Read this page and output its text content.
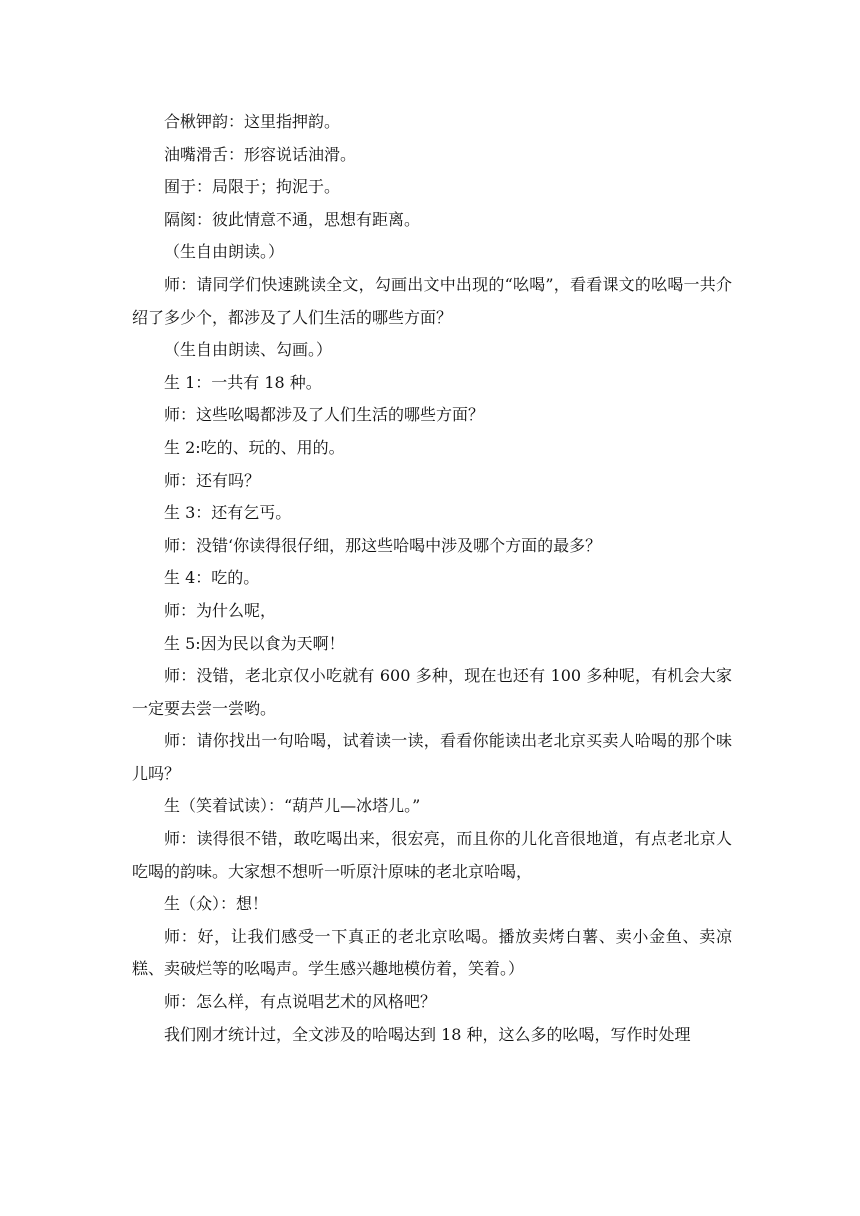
合楸钾韵：这里指押韵。

油嘴滑舌：形容说话油滑。

囿于：局限于；拘泥于。

隔阂：彼此情意不通，思想有距离。

（生自由朗读。）

师：请同学们快速跳读全文，勾画出文中出现的“吆喝”，看看课文的吆喝一共介绍了多少个，都涉及了人们生活的哪些方面？

（生自由朗读、勾画。）

生 1：一共有 18 种。

师：这些吆喝都涉及了人们生活的哪些方面？

生 2:吃的、玩的、用的。

师：还有吗？

生 3：还有乞丐。

师：没错‘你读得很仔细，那这些哈喝中涉及哪个方面的最多？

生 4：吃的。

师：为什么呢，

生 5:因为民以食为天啊！

师：没错，老北京仅小吃就有 600 多种，现在也还有 100 多种呢，有机会大家一定要去尝一尝哟。

师：请你找出一句哈喝，试着读一读，看看你能读出老北京买卖人哈喝的那个味儿吗？

生（笑着试读）：“葫芦儿—冰塔儿。”

师：读得很不错，敢吃喝出来，很宏亮，而且你的儿化音很地道，有点老北京人吃喝的韵味。大家想不想听一听原汁原味的老北京哈喝，

生（众）：想！

师：好，让我们感受一下真正的老北京吆喝。播放卖烤白薯、卖小金鱼、卖凉糕、卖破烂等的吆喝声。学生感兴趣地模仿着，笑着。）

师：怎么样，有点说唱艺术的风格吧？

我们刚才统计过，全文涉及的哈喝达到 18 种，这么多的吆喝，写作时处理
